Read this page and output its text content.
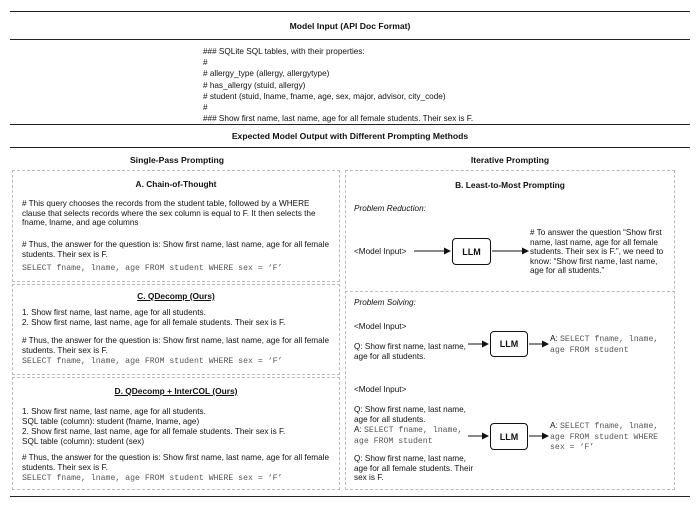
Model Input (API Doc Format)
### SQLite SQL tables, with their properties:
#
# allergy_type (allergy, allergytype)
# has_allergy (stuid, allergy)
# student (stuid, lname, fname, age, sex, major, advisor, city_code)
#
### Show first name, last name, age for all female students. Their sex is F.
Expected Model Output with Different Prompting Methods
Single-Pass Prompting	Iterative Prompting
A. Chain-of-Thought
# This query chooses the records from the student table, followed by a WHERE clause that selects records where the sex column is equal to F. It then selects the fname, lname, and age columns
# Thus, the answer for the question is: Show first name, last name, age for all female students. Their sex is F.
SELECT fname, lname, age FROM student WHERE sex = ‘F’
C. QDecomp (Ours)
1. Show first name, last name, age for all students.
2. Show first name, last name, age for all female students. Their sex is F.
# Thus, the answer for the question is: Show first name, last name, age for all female students. Their sex is F.
SELECT fname, lname, age FROM student WHERE sex = ‘F’
D. QDecomp + InterCOL (Ours)
1. Show first name, last name, age for all students.
SQL table (column): student (fname, lname, age)
2. Show first name, last name, age for all female students. Their sex is F.
SQL table (column): student (sex)
# Thus, the answer for the question is: Show first name, last name, age for all female students. Their sex is F.
SELECT fname, lname, age FROM student WHERE sex = ‘F’
B. Least-to-Most Prompting
Problem Reduction:
<Model Input>	LLM
# To answer the question “Show first name, last name, age for all female students. Their sex is F.”, we need to know: “Show first name, last name, age for all students.”
Problem Solving:
<Model Input>
Q: Show first name, last name, age for all students.
LLM
A: SELECT fname, lname, age FROM student
<Model Input>
Q: Show first name, last name, age for all students.
A: SELECT fname, lname, age FROM student
Q: Show first name, last name, age for all female students. Their sex is F.
LLM
A: SELECT fname, lname, age FROM student WHERE sex = ‘F’
